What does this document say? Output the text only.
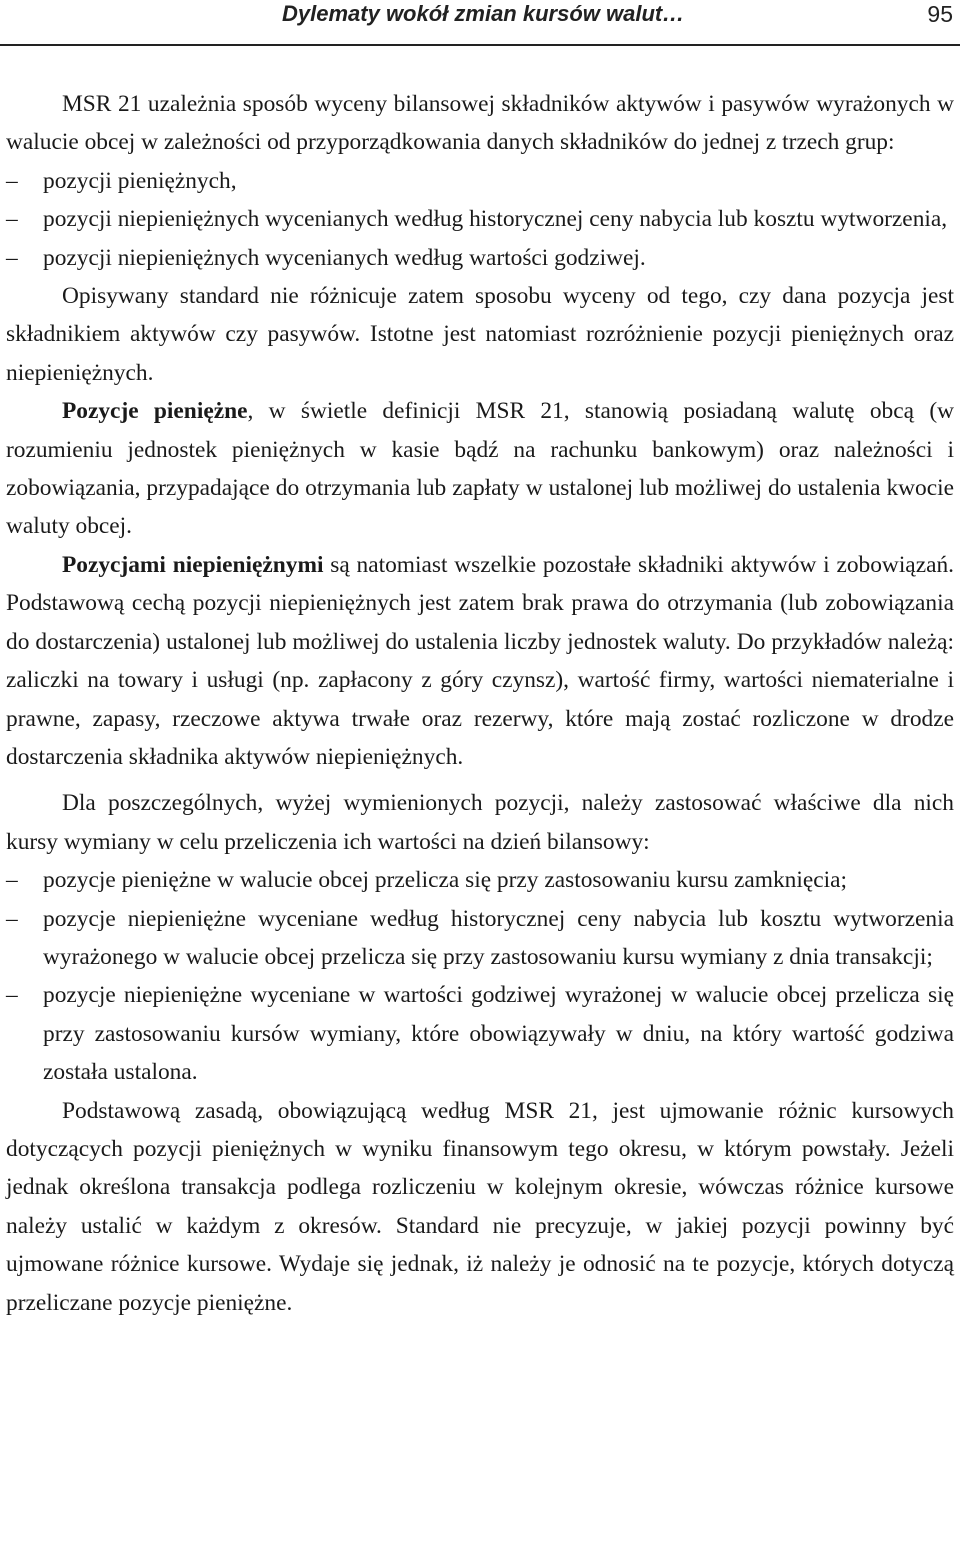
Dylematy wokół zmian kursów walut…	95

MSR 21 uzależnia sposób wyceny bilansowej składników aktywów i pasywów wyrażonych w walucie obcej w zależności od przyporządkowania danych składników do jednej z trzech grup:

–	pozycji pieniężnych,
–	pozycji niepieniężnych wycenianych według historycznej ceny nabycia lub kosztu wytworzenia,
–	pozycji niepieniężnych wycenianych według wartości godziwej.

Opisywany standard nie różnicuje zatem sposobu wyceny od tego, czy dana pozycja jest składnikiem aktywów czy pasywów. Istotne jest natomiast rozróżnienie pozycji pieniężnych oraz niepieniężnych.

Pozycje pieniężne, w świetle definicji MSR 21, stanowią posiadaną walutę obcą (w rozumieniu jednostek pieniężnych w kasie bądź na rachunku bankowym) oraz należności i zobowiązania, przypadające do otrzymania lub zapłaty w ustalonej lub możliwej do ustalenia kwocie waluty obcej.

Pozycjami niepieniężnymi są natomiast wszelkie pozostałe składniki aktywów i zobowiązań. Podstawową cechą pozycji niepieniężnych jest zatem brak prawa do otrzymania (lub zobowiązania do dostarczenia) ustalonej lub możliwej do ustalenia liczby jednostek waluty. Do przykładów należą: zaliczki na towary i usługi (np. zapłacony z góry czynsz), wartość firmy, wartości niematerialne i prawne, zapasy, rzeczowe aktywa trwałe oraz rezerwy, które mają zostać rozliczone w drodze dostarczenia składnika aktywów niepieniężnych.

Dla poszczególnych, wyżej wymienionych pozycji, należy zastosować właściwe dla nich kursy wymiany w celu przeliczenia ich wartości na dzień bilansowy:

–	pozycje pieniężne w walucie obcej przelicza się przy zastosowaniu kursu zamknięcia;
–	pozycje niepieniężne wyceniane według historycznej ceny nabycia lub kosztu wytworzenia wyrażonego w walucie obcej przelicza się przy zastosowaniu kursu wymiany z dnia transakcji;
–	pozycje niepieniężne wyceniane w wartości godziwej wyrażonej w walucie obcej przelicza się przy zastosowaniu kursów wymiany, które obowiązywały w dniu, na który wartość godziwa została ustalona.

Podstawową zasadą, obowiązującą według MSR 21, jest ujmowanie różnic kursowych dotyczących pozycji pieniężnych w wyniku finansowym tego okresu, w którym powstały. Jeżeli jednak określona transakcja podlega rozliczeniu w kolejnym okresie, wówczas różnice kursowe należy ustalić w każdym z okresów. Standard nie precyzuje, w jakiej pozycji powinny być ujmowane różnice kursowe. Wydaje się jednak, iż należy je odnosić na te pozycje, których dotyczą przeliczane pozycje pieniężne.
